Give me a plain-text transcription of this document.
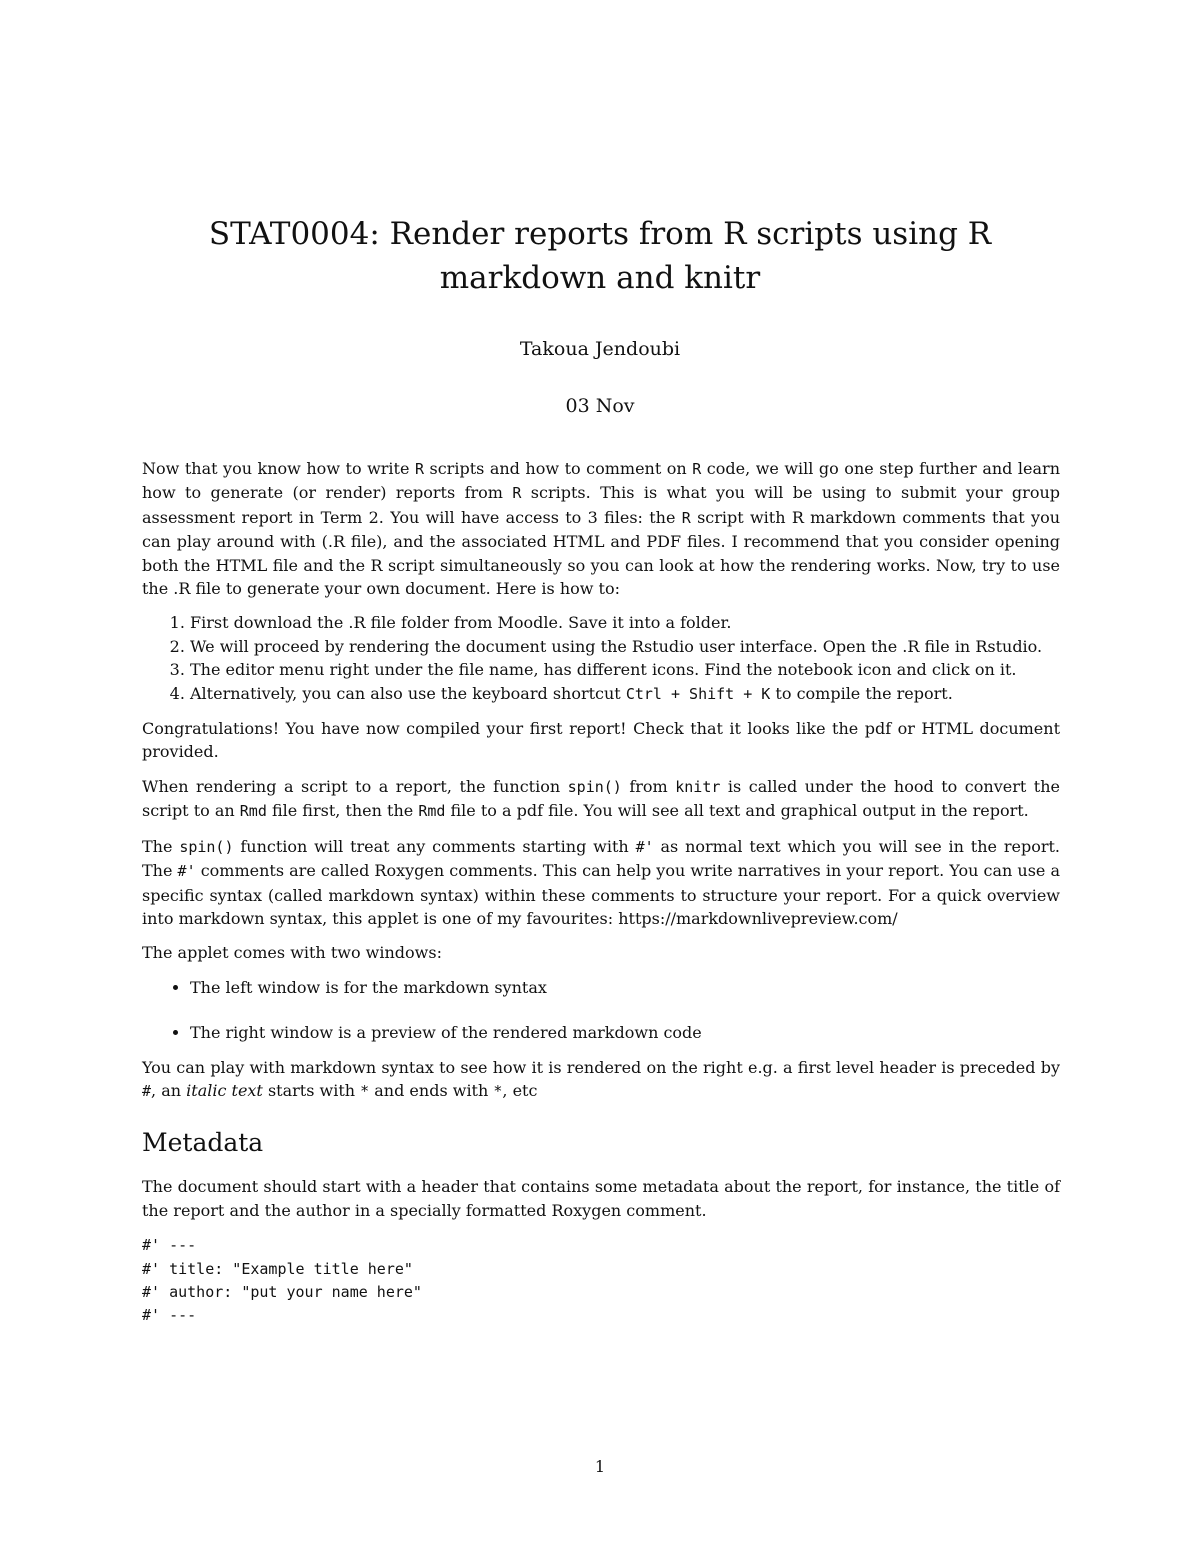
STAT0004: Render reports from R scripts using R markdown and knitr
Takoua Jendoubi
03 Nov

Now that you know how to write R scripts and how to comment on R code, we will go one step further and learn how to generate (or render) reports from R scripts. This is what you will be using to submit your group assessment report in Term 2. You will have access to 3 files: the R script with R markdown comments that you can play around with (.R file), and the associated HTML and PDF files. I recommend that you consider opening both the HTML file and the R script simultaneously so you can look at how the rendering works. Now, try to use the .R file to generate your own document. Here is how to:

1. First download the .R file folder from Moodle. Save it into a folder.
2. We will proceed by rendering the document using the Rstudio user interface. Open the .R file in Rstudio.
3. The editor menu right under the file name, has different icons. Find the notebook icon and click on it.
4. Alternatively, you can also use the keyboard shortcut Ctrl + Shift + K to compile the report.

Congratulations! You have now compiled your first report! Check that it looks like the pdf or HTML document provided.

When rendering a script to a report, the function spin() from knitr is called under the hood to convert the script to an Rmd file first, then the Rmd file to a pdf file. You will see all text and graphical output in the report.

The spin() function will treat any comments starting with #' as normal text which you will see in the report. The #' comments are called Roxygen comments. This can help you write narratives in your report. You can use a specific syntax (called markdown syntax) within these comments to structure your report. For a quick overview into markdown syntax, this applet is one of my favourites: https://markdownlivepreview.com/

The applet comes with two windows:

• The left window is for the markdown syntax
• The right window is a preview of the rendered markdown code

You can play with markdown syntax to see how it is rendered on the right e.g. a first level header is preceded by #, an italic text starts with * and ends with *, etc

Metadata

The document should start with a header that contains some metadata about the report, for instance, the title of the report and the author in a specially formatted Roxygen comment.

#' ---
#' title: "Example title here"
#' author: "put your name here"
#' ---
1
